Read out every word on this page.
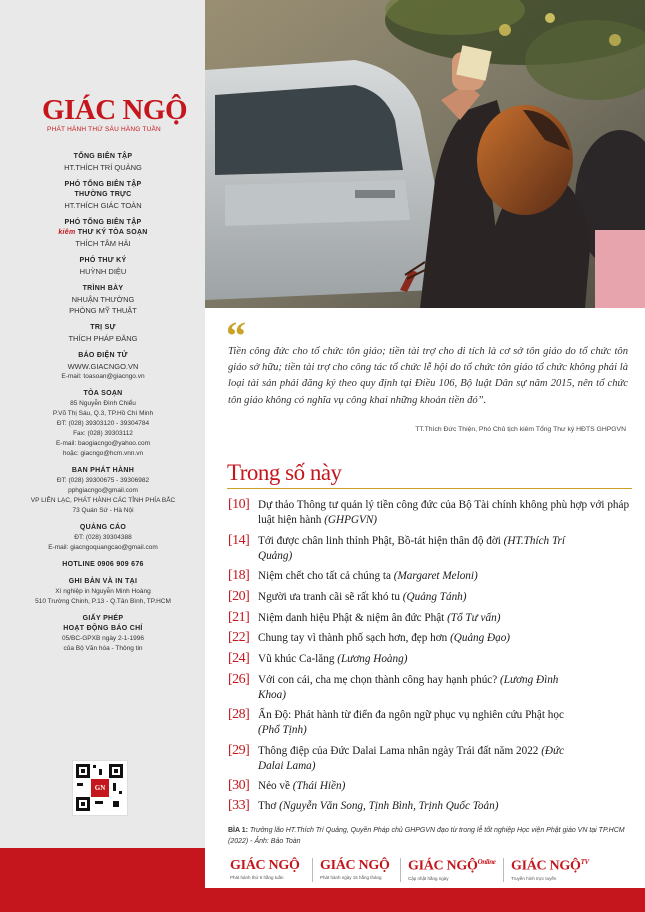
GIÁC NGỘ
PHÁT HÀNH THỨ SÁU HÀNG TUẦN
TỔNG BIÊN TẬP
HT.THÍCH TRÍ QUẢNG
PHÓ TỔNG BIÊN TẬP
THƯỜNG TRỰC
HT.THÍCH GIÁC TOÀN
PHÓ TỔNG BIÊN TẬP
kiêm THƯ KÝ TÒA SOẠN
THÍCH TÂM HẢI
PHÓ THƯ KÝ
HUỲNH DIỆU
TRÌNH BÀY
NHUẬN THƯỜNG
PHÒNG MỸ THUẬT
TRỊ SỰ
THÍCH PHÁP ĐĂNG
BÁO ĐIỆN TỬ
WWW.GIACNGO.VN
E-mail: toasoan@giacngo.vn
TÒA SOẠN
85 Nguyễn Đình Chiểu
P.Võ Thị Sáu, Q.3, TP.Hồ Chí Minh
ĐT: (028) 39303120 - 39304784
Fax: (028) 39303112
E-mail: baogiacngo@yahoo.com
hoặc: giacngo@hcm.vnn.vn
BAN PHÁT HÀNH
ĐT: (028) 39300675 - 39306982
pphgiacngo@gmail.com
VP LIÊN LẠC, PHÁT HÀNH CÁC TỈNH PHÍA BẮC
73 Quán Sứ - Hà Nội
QUẢNG CÁO
ĐT: (028) 39304388
E-mail: giacngoquangcao@gmail.com
HOTLINE 0906 909 676
GHI BẢN VÀ IN TẠI
Xí nghiệp in Nguyễn Minh Hoàng
510 Trường Chinh, P.13 - Q.Tân Bình, TP.HCM
GIẤY PHÉP
HOẠT ĐỘNG BÁO CHÍ
05/BC-GPXB ngày 2-1-1996
của Bộ Văn hóa - Thông tin
GN
“
Tiền công đức cho tổ chức tôn giáo; tiền tài trợ cho di tích là cơ sở tôn giáo do tổ chức tôn giáo sở hữu; tiền tài trợ cho công tác tổ chức lễ hội do tổ chức tôn giáo tổ chức không phải là loại tài sản phải đăng ký theo quy định tại Điều 106, Bộ luật Dân sự năm 2015, nên tổ chức tôn giáo không có nghĩa vụ công khai những khoản tiền đó”.
TT.Thích Đức Thiện, Phó Chủ tịch kiêm Tổng Thư ký HĐTS GHPGVN
Trong số này
[10] Dự thảo Thông tư quản lý tiền công đức của Bộ Tài chính không phù hợp với pháp luật hiện hành (GHPGVN)
[14] Tới được chân linh thỉnh Phật, Bồ-tát hiện thân độ đời (HT.Thích Trí Quảng)
[18] Niệm chết cho tất cả chúng ta (Margaret Meloni)
[20] Người ưa tranh cãi sẽ rất khó tu (Quảng Tánh)
[21] Niệm danh hiệu Phật & niệm ân đức Phật (Tổ Tư vấn)
[22] Chung tay vì thành phố sạch hơn, đẹp hơn (Quảng Đạo)
[24] Vũ khúc Ca-lăng (Lương Hoàng)
[26] Với con cái, cha mẹ chọn thành công hay hạnh phúc? (Lương Đình Khoa)
[28] Ấn Độ: Phát hành từ điển đa ngôn ngữ phục vụ nghiên cứu Phật học (Phổ Tịnh)
[29] Thông điệp của Đức Dalai Lama nhân ngày Trái đất năm 2022 (Đức Dalai Lama)
[30] Nẻo về (Thái Hiền)
[33] Thơ (Nguyễn Văn Song, Tịnh Bình, Trịnh Quốc Toản)
BÌA 1: Trưởng lão HT.Thích Trí Quảng, Quyền Pháp chủ GHPGVN đạo từ trong lễ tốt nghiệp Học viện Phật giáo VN tại TP.HCM (2022) - Ảnh: Bảo Toàn
GIÁC NGỘ
Phát hành thứ 6 hằng tuần
GIÁC NGỘ
Phát hành ngày 15 hằng tháng
GIÁC NGỘ$^{Online}$
Cập nhật hằng ngày
GIÁC NGỘ$^{TV}$
Truyền hình trực tuyến
